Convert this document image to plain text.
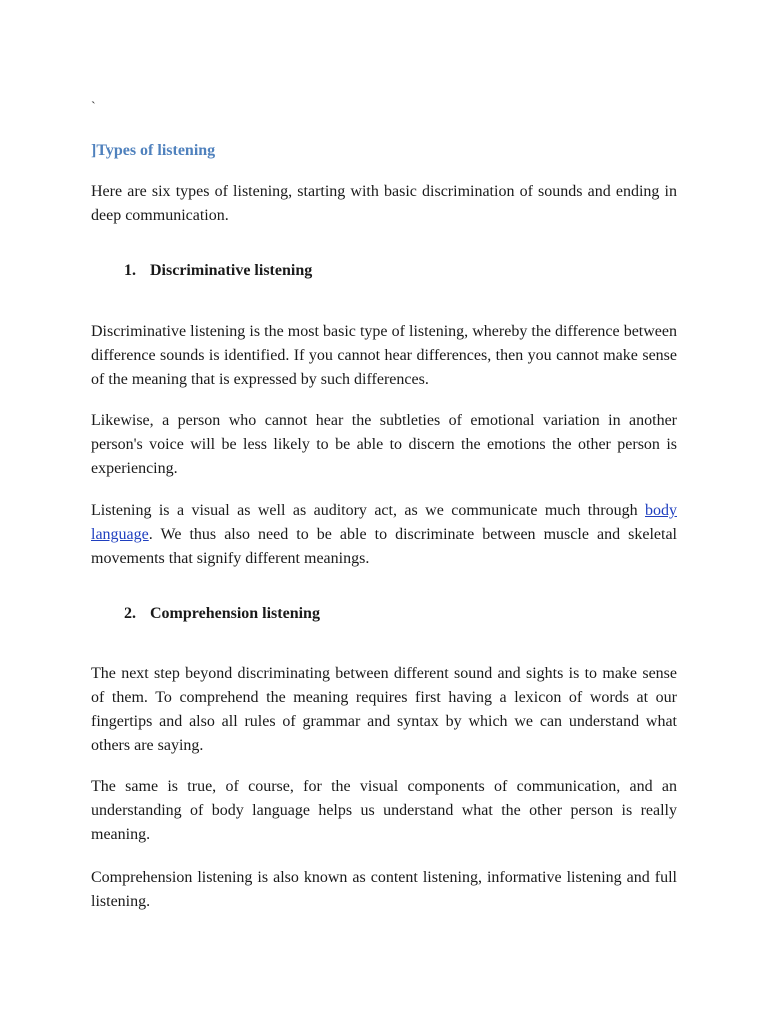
`
]Types of listening

Here are six types of listening, starting with basic discrimination of sounds and ending in deep communication.

1. Discriminative listening

Discriminative listening is the most basic type of listening, whereby the difference between difference sounds is identified. If you cannot hear differences, then you cannot make sense of the meaning that is expressed by such differences.

Likewise, a person who cannot hear the subtleties of emotional variation in another person's voice will be less likely to be able to discern the emotions the other person is experiencing.

Listening is a visual as well as auditory act, as we communicate much through body language. We thus also need to be able to discriminate between muscle and skeletal movements that signify different meanings.

2. Comprehension listening

The next step beyond discriminating between different sound and sights is to make sense of them. To comprehend the meaning requires first having a lexicon of words at our fingertips and also all rules of grammar and syntax by which we can understand what others are saying.

The same is true, of course, for the visual components of communication, and an understanding of body language helps us understand what the other person is really meaning.

Comprehension listening is also known as content listening, informative listening and full listening.
